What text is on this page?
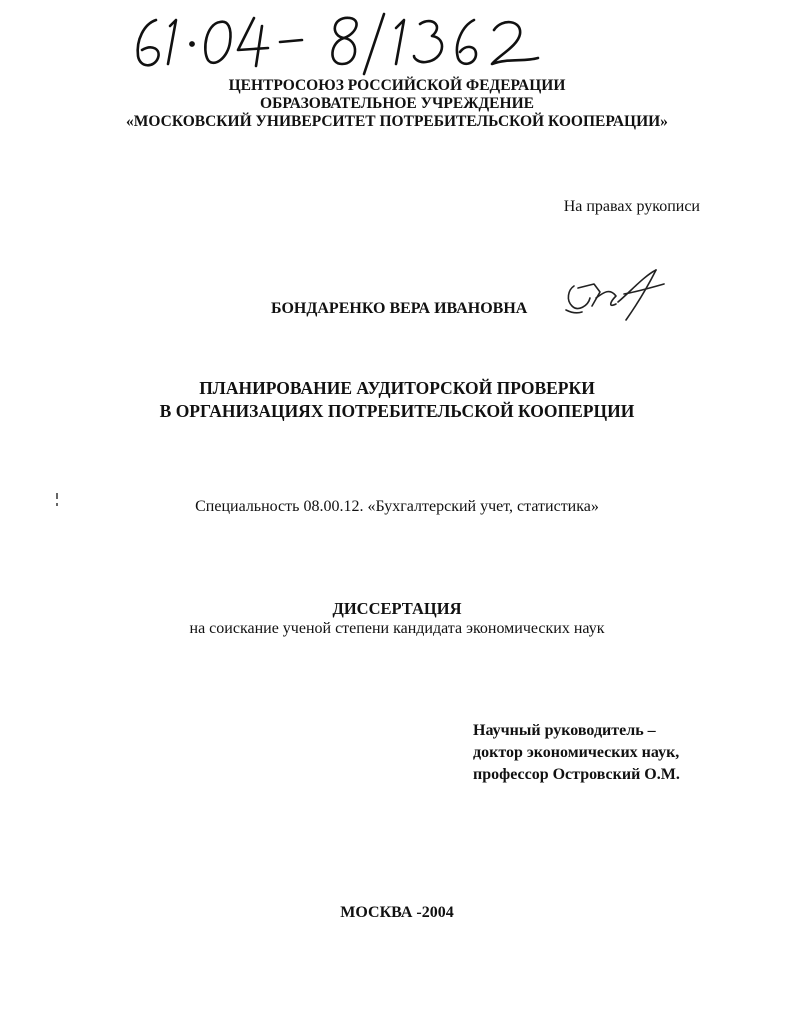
ЦЕНТРОСОЮЗ РОССИЙСКОЙ ФЕДЕРАЦИИ
ОБРАЗОВАТЕЛЬНОЕ УЧРЕЖДЕНИЕ
«МОСКОВСКИЙ УНИВЕРСИТЕТ ПОТРЕБИТЕЛЬСКОЙ КООПЕРАЦИИ»
На правах рукописи
БОНДАРЕНКО ВЕРА ИВАНОВНА
ПЛАНИРОВАНИЕ АУДИТОРСКОЙ ПРОВЕРКИ
В ОРГАНИЗАЦИЯХ ПОТРЕБИТЕЛЬСКОЙ КООПЕРЦИИ
Специальность 08.00.12. «Бухгалтерский учет, статистика»
ДИССЕРТАЦИЯ
на соискание ученой степени кандидата экономических наук
Научный руководитель –
доктор экономических наук,
профессор Островский О.М.
МОСКВА -2004
